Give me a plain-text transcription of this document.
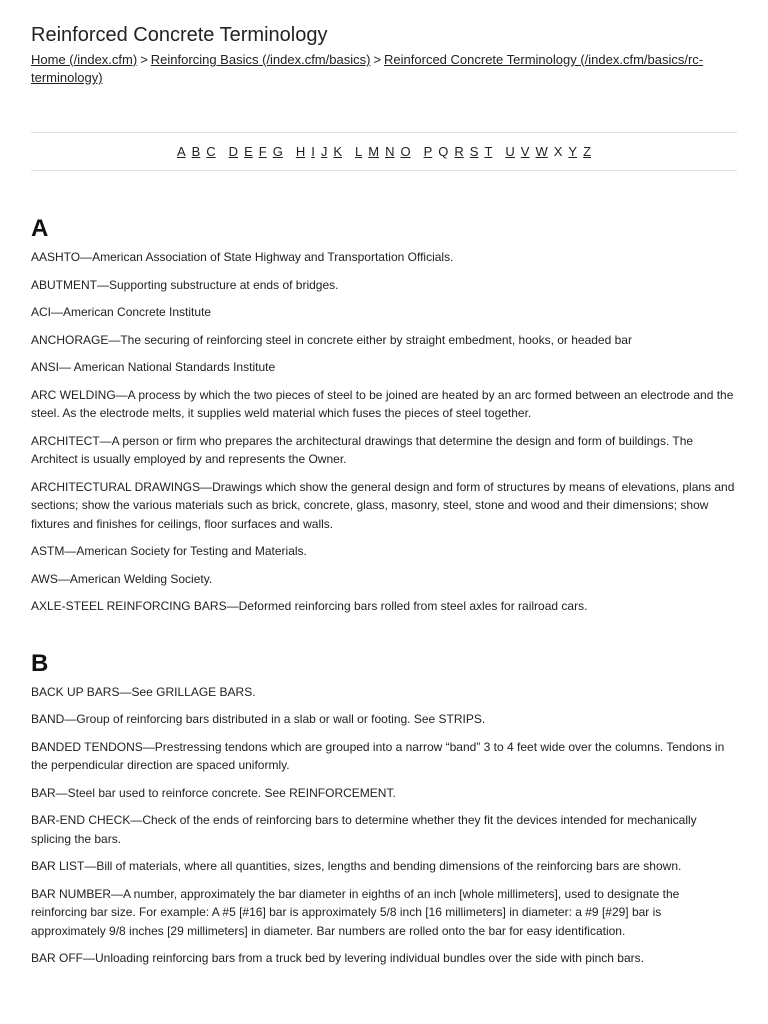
Reinforced Concrete Terminology
Home (/index.cfm) > Reinforcing Basics (/index.cfm/basics) > Reinforced Concrete Terminology (/index.cfm/basics/rc-terminology)
A B C D E F G H I J K L M N O P Q R S T U V W X Y Z
A

AASHTO—American Association of State Highway and Transportation Officials.

ABUTMENT—Supporting substructure at ends of bridges.

ACI—American Concrete Institute

ANCHORAGE—The securing of reinforcing steel in concrete either by straight embedment, hooks, or headed bar

ANSI— American National Standards Institute

ARC WELDING—A process by which the two pieces of steel to be joined are heated by an arc formed between an electrode and the steel. As the electrode melts, it supplies weld material which fuses the pieces of steel together.

ARCHITECT—A person or firm who prepares the architectural drawings that determine the design and form of buildings. The Architect is usually employed by and represents the Owner.

ARCHITECTURAL DRAWINGS—Drawings which show the general design and form of structures by means of elevations, plans and sections; show the various materials such as brick, concrete, glass, masonry, steel, stone and wood and their dimensions; show fixtures and finishes for ceilings, floor surfaces and walls.

ASTM—American Society for Testing and Materials.

AWS—American Welding Society.

AXLE-STEEL REINFORCING BARS—Deformed reinforcing bars rolled from steel axles for railroad cars.

B

BACK UP BARS—See GRILLAGE BARS.

BAND—Group of reinforcing bars distributed in a slab or wall or footing. See STRIPS.

BANDED TENDONS—Prestressing tendons which are grouped into a narrow “band” 3 to 4 feet wide over the columns. Tendons in the perpendicular direction are spaced uniformly.

BAR—Steel bar used to reinforce concrete. See REINFORCEMENT.

BAR-END CHECK—Check of the ends of reinforcing bars to determine whether they fit the devices intended for mechanically splicing the bars.

BAR LIST—Bill of materials, where all quantities, sizes, lengths and bending dimensions of the reinforcing bars are shown.

BAR NUMBER—A number, approximately the bar diameter in eighths of an inch [whole millimeters], used to designate the reinforcing bar size. For example: A #5 [#16] bar is approximately 5/8 inch [16 millimeters] in diameter: a #9 [#29] bar is approximately 9/8 inches [29 millimeters] in diameter. Bar numbers are rolled onto the bar for easy identification.

BAR OFF—Unloading reinforcing bars from a truck bed by levering individual bundles over the side with pinch bars.
